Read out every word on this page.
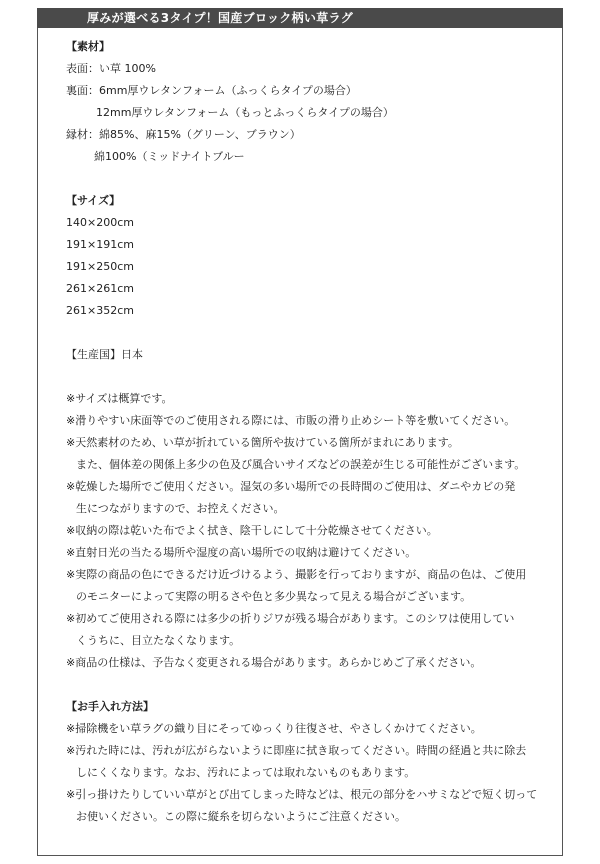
厚みが選べる3タイプ！国産ブロック柄い草ラグ
【素材】
表面：い草 100%
裏面：6mm厚ウレタンフォーム（ふっくらタイプの場合）
12mm厚ウレタンフォーム（もっとふっくらタイプの場合）
縁材：綿85%、麻15%（グリーン、ブラウン）
綿100%（ミッドナイトブルー
【サイズ】
140×200cm
191×191cm
191×250cm
261×261cm
261×352cm
【生産国】日本
※サイズは概算です。
※滑りやすい床面等でのご使用される際には、市販の滑り止めシート等を敷いてください。
※天然素材のため、い草が折れている箇所や抜けている箇所がまれにあります。
また、個体差の関係上多少の色及び風合いサイズなどの誤差が生じる可能性がございます。
※乾燥した場所でご使用ください。湿気の多い場所での長時間のご使用は、ダニやカビの発
生につながりますので、お控えください。
※収納の際は乾いた布でよく拭き、陰干しにして十分乾燥させてください。
※直射日光の当たる場所や湿度の高い場所での収納は避けてください。
※実際の商品の色にできるだけ近づけるよう、撮影を行っておりますが、商品の色は、ご使用
のモニターによって実際の明るさや色と多少異なって見える場合がございます。
※初めてご使用される際には多少の折りジワが残る場合があります。このシワは使用してい
くうちに、目立たなくなります。
※商品の仕様は、予告なく変更される場合があります。あらかじめご了承ください。
【お手入れ方法】
※掃除機をい草ラグの織り目にそってゆっくり往復させ、やさしくかけてください。
※汚れた時には、汚れが広がらないように即座に拭き取ってください。時間の経過と共に除去
しにくくなります。なお、汚れによっては取れないものもあります。
※引っ掛けたりしていい草がとび出てしまった時などは、根元の部分をハサミなどで短く切って
お使いください。この際に縦糸を切らないようにご注意ください。
